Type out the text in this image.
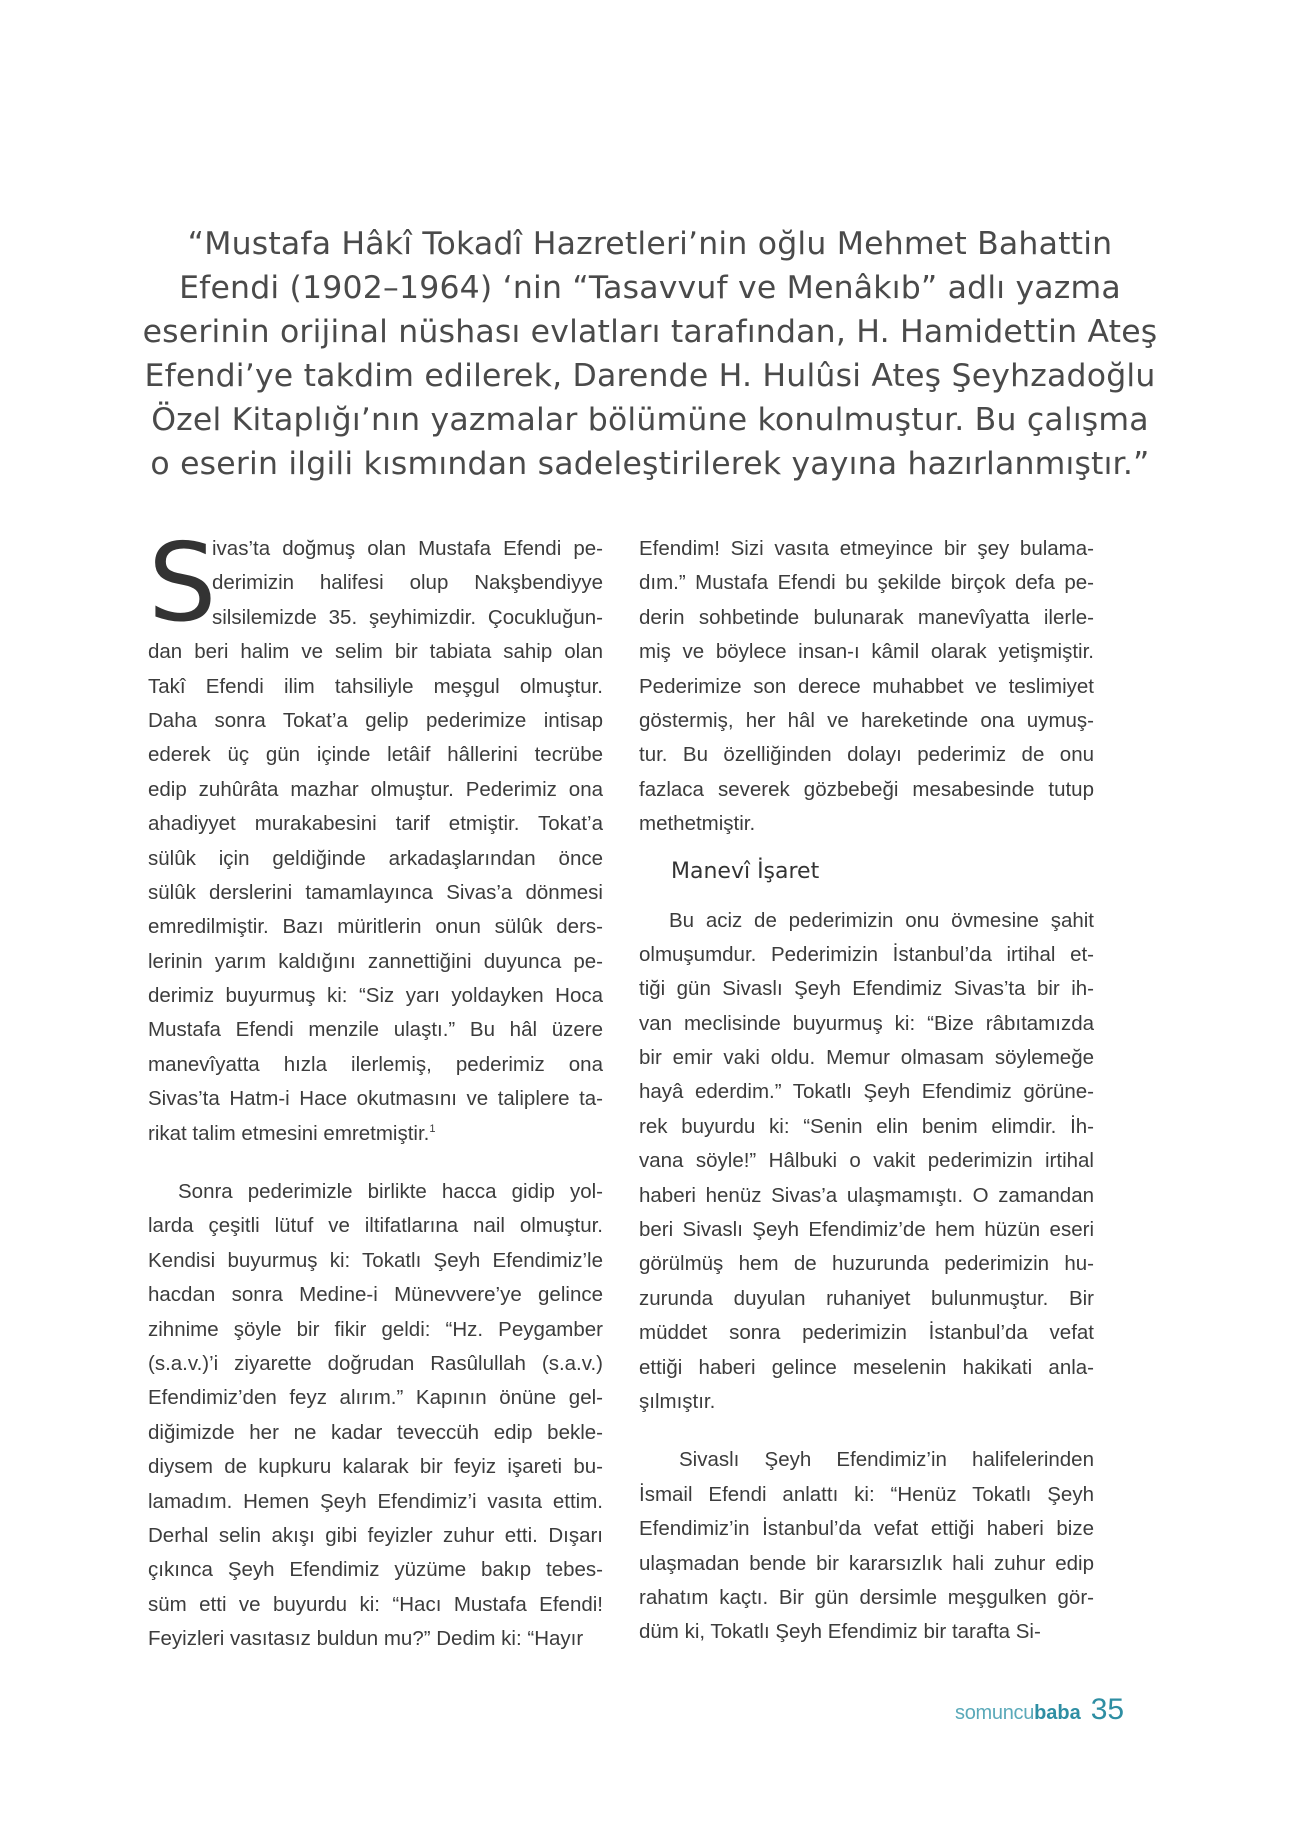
“Mustafa Hâkî Tokadî Hazretleri’nin oğlu Mehmet Bahattin

Efendi (1902–1964) ‘nin “Tasavvuf ve Menâkıb” adlı yazma

eserinin orijinal nüshası evlatları tarafından, H. Hamidettin Ateş

Efendi’ye takdim edilerek, Darende H. Hulûsi Ateş Şeyhzadoğlu

Özel Kitaplığı’nın yazmalar bölümüne konulmuştur. Bu çalışma

o eserin ilgili kısmından sadeleştirilerek yayına hazırlanmıştır.”

S
ivas’ta doğmuş olan Mustafa Efendi pe-
derimizin halifesi olup Nakşbendiyye
silsilemizde 35. şeyhimizdir. Çocukluğun-
dan beri halim ve selim bir tabiata sahip olan
Takî Efendi ilim tahsiliyle meşgul olmuştur.
Daha sonra Tokat’a gelip pederimize intisap
ederek üç gün içinde letâif hâllerini tecrübe
edip zuhûrâta mazhar olmuştur. Pederimiz ona
ahadiyyet murakabesini tarif etmiştir. Tokat’a
sülûk için geldiğinde arkadaşlarından önce
sülûk derslerini tamamlayınca Sivas’a dönmesi
emredilmiştir. Bazı müritlerin onun sülûk ders-
lerinin yarım kaldığını zannettiğini duyunca pe-
derimiz buyurmuş ki: “Siz yarı yoldayken Hoca
Mustafa Efendi menzile ulaştı.” Bu hâl üzere
manevîyatta hızla ilerlemiş, pederimiz ona
Sivas’ta Hatm-i Hace okutmasını ve taliplere ta-
rikat talim etmesini emretmiştir.$^1$
Sonra pederimizle birlikte hacca gidip yol-
larda çeşitli lütuf ve iltifatlarına nail olmuştur.
Kendisi buyurmuş ki: Tokatlı Şeyh Efendimiz’le
hacdan sonra Medine-i Münevvere’ye gelince
zihnime şöyle bir fikir geldi: “Hz. Peygamber
(s.a.v.)’i ziyarette doğrudan Rasûlullah (s.a.v.)
Efendimiz’den feyz alırım.” Kapının önüne gel-
diğimizde her ne kadar teveccüh edip bekle-
diysem de kupkuru kalarak bir feyiz işareti bu-
lamadım. Hemen Şeyh Efendimiz’i vasıta ettim.
Derhal selin akışı gibi feyizler zuhur etti. Dışarı
çıkınca Şeyh Efendimiz yüzüme bakıp tebes-
süm etti ve buyurdu ki: “Hacı Mustafa Efendi!
Feyizleri vasıtasız buldun mu?” Dedim ki: “Hayır
Efendim! Sizi vasıta etmeyince bir şey bulama-
dım.” Mustafa Efendi bu şekilde birçok defa pe-
derin sohbetinde bulunarak manevîyatta ilerle-
miş ve böylece insan-ı kâmil olarak yetişmiştir.
Pederimize son derece muhabbet ve teslimiyet
göstermiş, her hâl ve hareketinde ona uymuş-
tur. Bu özelliğinden dolayı pederimiz de onu
fazlaca severek gözbebeği mesabesinde tutup
methetmiştir.
Manevî İşaret
Bu aciz de pederimizin onu övmesine şahit
olmuşumdur. Pederimizin İstanbul’da irtihal et-
tiği gün Sivaslı Şeyh Efendimiz Sivas’ta bir ih-
van meclisinde buyurmuş ki: “Bize râbıtamızda
bir emir vaki oldu. Memur olmasam söylemeğe
hayâ ederdim.” Tokatlı Şeyh Efendimiz görüne-
rek buyurdu ki: “Senin elin benim elimdir. İh-
vana söyle!” Hâlbuki o vakit pederimizin irtihal
haberi henüz Sivas’a ulaşmamıştı. O zamandan
beri Sivaslı Şeyh Efendimiz’de hem hüzün eseri
görülmüş hem de huzurunda pederimizin hu-
zurunda duyulan ruhaniyet bulunmuştur. Bir
müddet sonra pederimizin İstanbul’da vefat
ettiği haberi gelince meselenin hakikati anla-
şılmıştır.
Sivaslı Şeyh Efendimiz’in halifelerinden
İsmail Efendi anlattı ki: “Henüz Tokatlı Şeyh
Efendimiz’in İstanbul’da vefat ettiği haberi bize
ulaşmadan bende bir kararsızlık hali zuhur edip
rahatım kaçtı. Bir gün dersimle meşgulken gör-
düm ki, Tokatlı Şeyh Efendimiz bir tarafta Si-
somuncubaba 35
